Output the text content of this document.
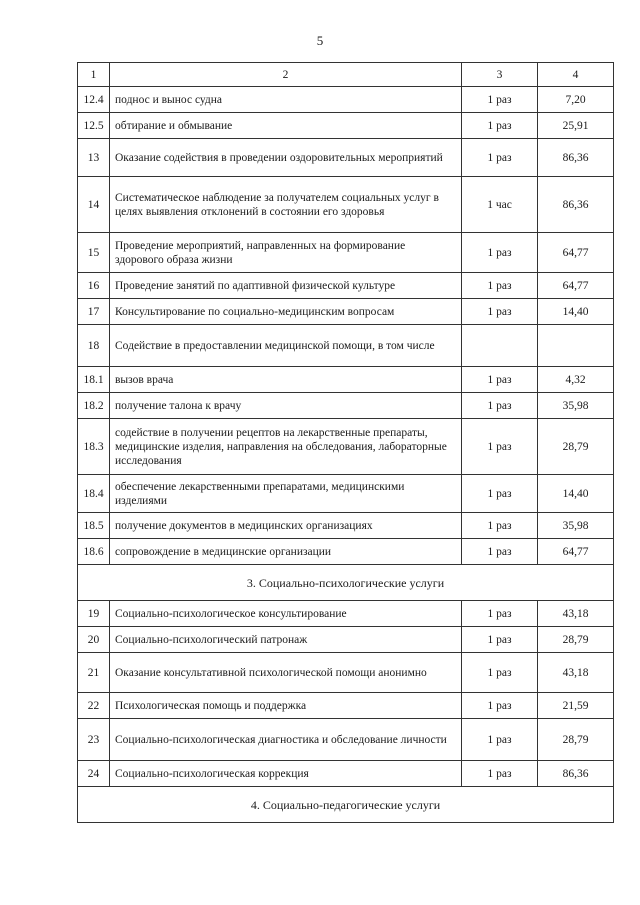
5
1	2	3	4
12.4	поднос и вынос судна	1 раз	7,20
12.5	обтирание и обмывание	1 раз	25,91
13	Оказание содействия в проведении оздоровительных мероприятий	1 раз	86,36
14	Систематическое наблюдение за получателем социальных услуг в целях выявления отклонений в состоянии его здоровья	1 час	86,36
15	Проведение мероприятий, направленных на формирование здорового образа жизни	1 раз	64,77
16	Проведение занятий по адаптивной физической культуре	1 раз	64,77
17	Консультирование по социально-медицинским вопросам	1 раз	14,40
18	Содействие в предоставлении медицинской помощи, в том числе		
18.1	вызов врача	1 раз	4,32
18.2	получение талона к врачу	1 раз	35,98
18.3	содействие в получении рецептов на лекарственные препараты, медицинские изделия, направления на обследования, лабораторные исследования	1 раз	28,79
18.4	обеспечение лекарственными препаратами, медицинскими изделиями	1 раз	14,40
18.5	получение документов в медицинских организациях	1 раз	35,98
18.6	сопровождение в медицинские организации	1 раз	64,77
3. Социально-психологические услуги			
19	Социально-психологическое консультирование	1 раз	43,18
20	Социально-психологический патронаж	1 раз	28,79
21	Оказание консультативной психологической помощи анонимно	1 раз	43,18
22	Психологическая помощь и поддержка	1 раз	21,59
23	Социально-психологическая диагностика и обследование личности	1 раз	28,79
24	Социально-психологическая коррекция	1 раз	86,36
4. Социально-педагогические услуги			
